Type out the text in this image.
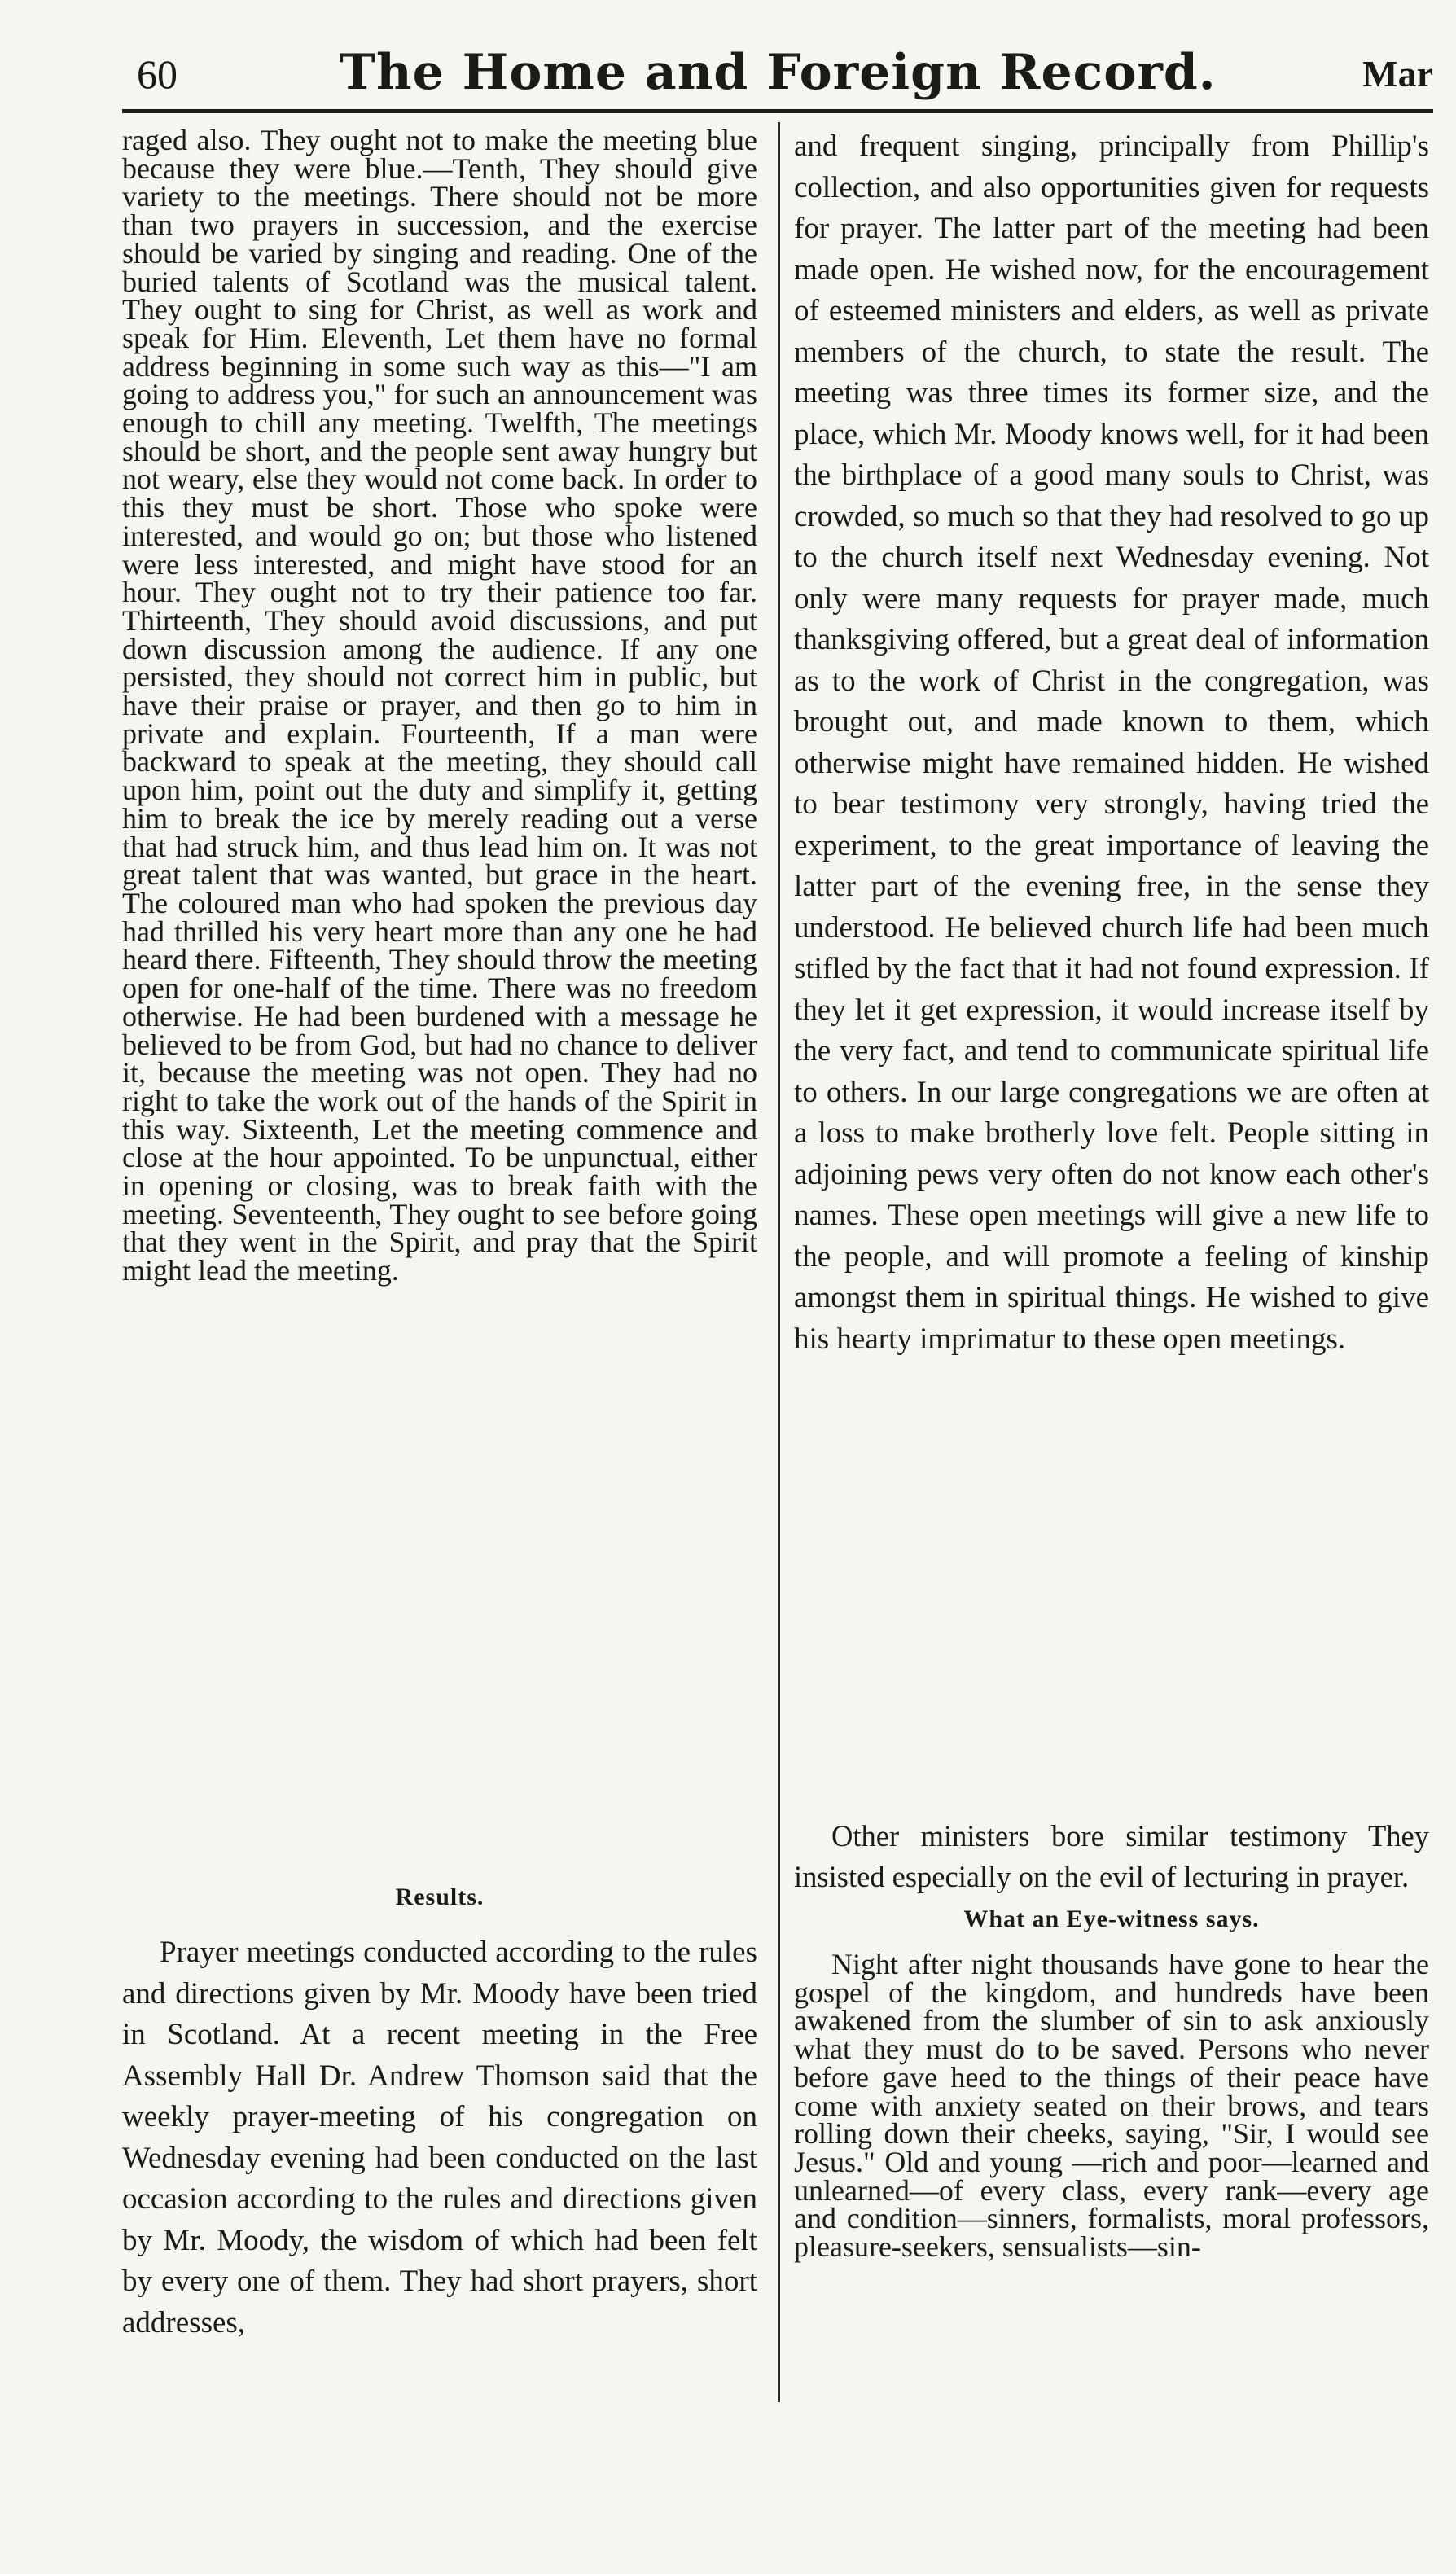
60	The Home and Foreign Record.	Mar

raged also. They ought not to make the meeting blue because they were blue.—Tenth, They should give variety to the meetings. There should not be more than two prayers in succession, and the exercise should be varied by singing and reading. One of the buried talents of Scotland was the musical talent. They ought to sing for Christ, as well as work and speak for Him. Eleventh, Let them have no formal address beginning in some such way as this—"I am going to address you," for such an announcement was enough to chill any meeting. Twelfth, The meetings should be short, and the people sent away hungry but not weary, else they would not come back. In order to this they must be short. Those who spoke were interested, and would go on; but those who listened were less interested, and might have stood for an hour. They ought not to try their patience too far. Thirteenth, They should avoid discussions, and put down discussion among the audience. If any one persisted, they should not correct him in public, but have their praise or prayer, and then go to him in private and explain. Fourteenth, If a man were backward to speak at the meeting, they should call upon him, point out the duty and simplify it, getting him to break the ice by merely reading out a verse that had struck him, and thus lead him on. It was not great talent that was wanted, but grace in the heart. The coloured man who had spoken the previous day had thrilled his very heart more than any one he had heard there. Fifteenth, They should throw the meeting open for one-half of the time. There was no freedom otherwise. He had been burdened with a message he believed to be from God, but had no chance to deliver it, because the meeting was not open. They had no right to take the work out of the hands of the Spirit in this way. Sixteenth, Let the meeting commence and close at the hour appointed. To be unpunctual, either in opening or closing, was to break faith with the meeting. Seventeenth, They ought to see before going that they went in the Spirit, and pray that the Spirit might lead the meeting.

Results.

Prayer meetings conducted according to the rules and directions given by Mr. Moody have been tried in Scotland. At a recent meeting in the Free Assembly Hall Dr. Andrew Thomson said that the weekly prayer-meeting of his congregation on Wednesday evening had been conducted on the last occasion according to the rules and directions given by Mr. Moody, the wisdom of which had been felt by every one of them. They had short prayers, short addresses,

and frequent singing, principally from Phillip's collection, and also opportunities given for requests for prayer. The latter part of the meeting had been made open. He wished now, for the encouragement of esteemed ministers and elders, as well as private members of the church, to state the result. The meeting was three times its former size, and the place, which Mr. Moody knows well, for it had been the birthplace of a good many souls to Christ, was crowded, so much so that they had resolved to go up to the church itself next Wednesday evening. Not only were many requests for prayer made, much thanksgiving offered, but a great deal of information as to the work of Christ in the congregation, was brought out, and made known to them, which otherwise might have remained hidden. He wished to bear testimony very strongly, having tried the experiment, to the great importance of leaving the latter part of the evening free, in the sense they understood. He believed church life had been much stifled by the fact that it had not found expression. If they let it get expression, it would increase itself by the very fact, and tend to communicate spiritual life to others. In our large congregations we are often at a loss to make brotherly love felt. People sitting in adjoining pews very often do not know each other's names. These open meetings will give a new life to the people, and will promote a feeling of kinship amongst them in spiritual things. He wished to give his hearty imprimatur to these open meetings.

Other ministers bore similar testimony They insisted especially on the evil of lecturing in prayer.

What an Eye-witness says.

Night after night thousands have gone to hear the gospel of the kingdom, and hundreds have been awakened from the slumber of sin to ask anxiously what they must do to be saved. Persons who never before gave heed to the things of their peace have come with anxiety seated on their brows, and tears rolling down their cheeks, saying, "Sir, I would see Jesus." Old and young —rich and poor—learned and unlearned—of every class, every rank—every age and condition—sinners, formalists, moral professors, pleasure-seekers, sensualists—sin-
